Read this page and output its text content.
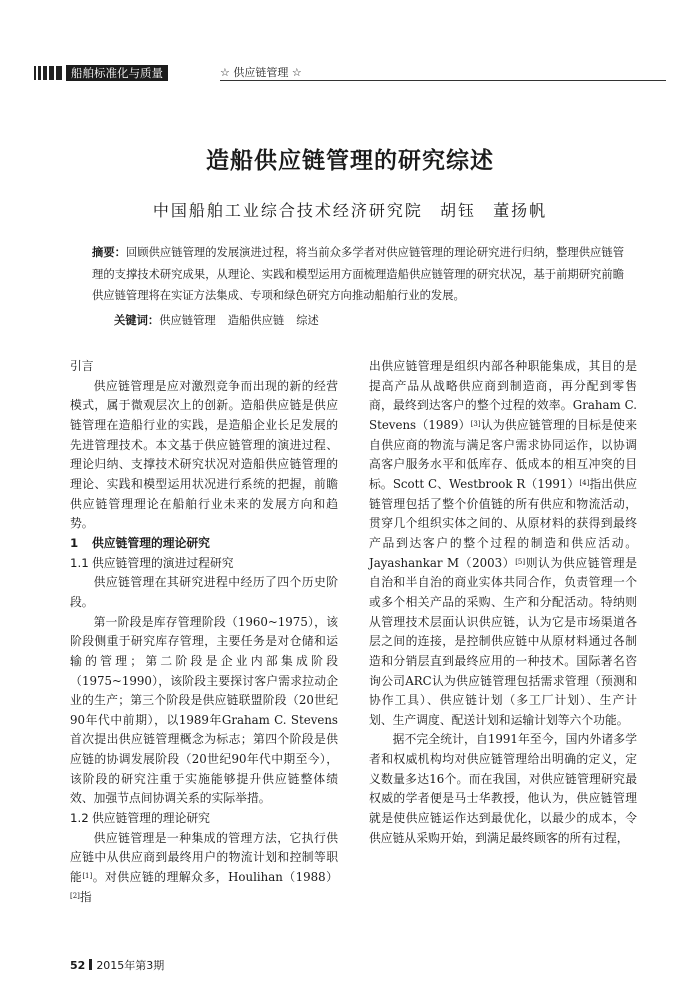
船舶标准化与质量	☆ 供应链管理 ☆
造船供应链管理的研究综述
中国船舶工业综合技术经济研究院 胡钰 董扬帆
摘要：回顾供应链管理的发展演进过程，将当前众多学者对供应链管理的理论研究进行归纳，整理供应链管理的支撑技术研究成果，从理论、实践和模型运用方面梳理造船供应链管理的研究状况，基于前期研究前瞻供应链管理将在实证方法集成、专项和绿色研究方向推动船舶行业的发展。
关键词：供应链管理 造船供应链 综述

引言

供应链管理是应对激烈竞争而出现的新的经营模式，属于微观层次上的创新。造船供应链是供应链管理在造船行业的实践，是造船企业长足发展的先进管理技术。本文基于供应链管理的演进过程、理论归纳、支撑技术研究状况对造船供应链管理的理论、实践和模型运用状况进行系统的把握，前瞻供应链管理理论在船舶行业未来的发展方向和趋势。

1 供应链管理的理论研究

1.1 供应链管理的演进过程研究

供应链管理在其研究进程中经历了四个历史阶段。

第一阶段是库存管理阶段（1960~1975），该阶段侧重于研究库存管理，主要任务是对仓储和运输的管理；第二阶段是企业内部集成阶段（1975~1990），该阶段主要探讨客户需求拉动企业的生产；第三个阶段是供应链联盟阶段（20世纪90年代中前期），以1989年Graham C. Stevens首次提出供应链管理概念为标志；第四个阶段是供应链的协调发展阶段（20世纪90年代中期至今），该阶段的研究注重于实施能够提升供应链整体绩效、加强节点间协调关系的实际举措。

1.2 供应链管理的理论研究

供应链管理是一种集成的管理方法，它执行供应链中从供应商到最终用户的物流计划和控制等职能[1]。对供应链的理解众多，Houlihan（1988）[2]指

出供应链管理是组织内部各种职能集成，其目的是提高产品从战略供应商到制造商，再分配到零售商，最终到达客户的整个过程的效率。Graham C. Stevens（1989）[3]认为供应链管理的目标是使来自供应商的物流与满足客户需求协同运作，以协调高客户服务水平和低库存、低成本的相互冲突的目标。Scott C、Westbrook R（1991）[4]指出供应链管理包括了整个价值链的所有供应和物流活动，贯穿几个组织实体之间的、从原材料的获得到最终产品到达客户的整个过程的制造和供应活动。Jayashankar M（2003）[5]则认为供应链管理是自治和半自治的商业实体共同合作，负责管理一个或多个相关产品的采购、生产和分配活动。特纳则从管理技术层面认识供应链，认为它是市场渠道各层之间的连接，是控制供应链中从原材料通过各制造和分销层直到最终应用的一种技术。国际著名咨询公司ARC认为供应链管理包括需求管理（预测和协作工具）、供应链计划（多工厂计划）、生产计划、生产调度、配送计划和运输计划等六个功能。

据不完全统计，自1991年至今，国内外诸多学者和权威机构均对供应链管理给出明确的定义，定义数量多达16个。而在我国，对供应链管理研究最权威的学者便是马士华教授，他认为，供应链管理就是使供应链运作达到最优化，以最少的成本，令供应链从采购开始，到满足最终顾客的所有过程，

52 2015年第3期
